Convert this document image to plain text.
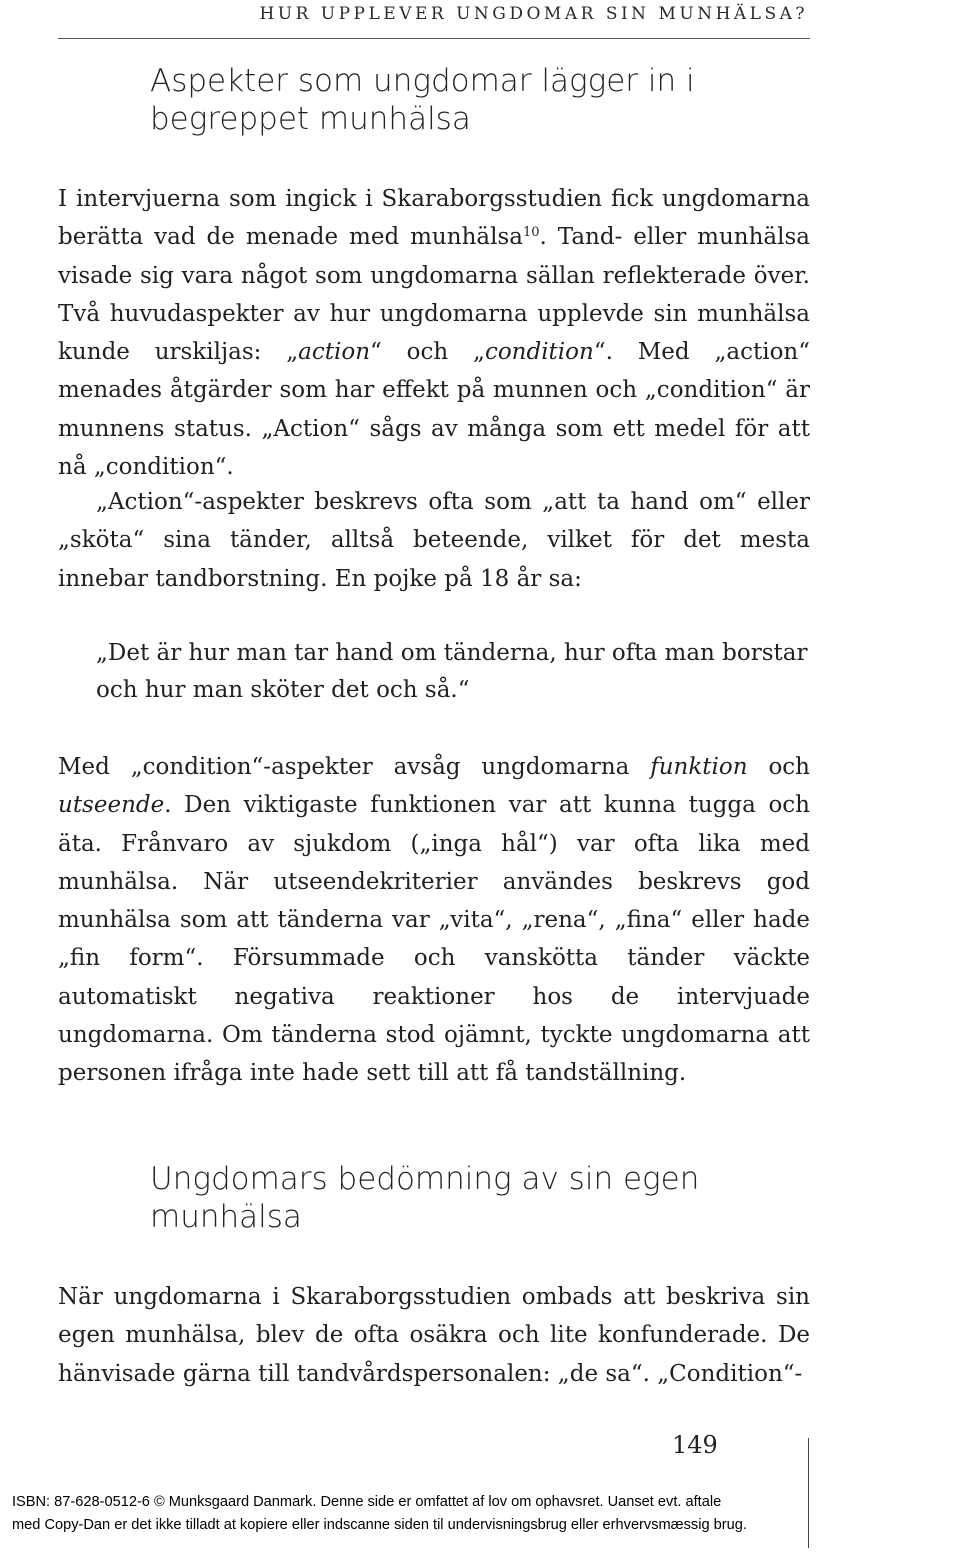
HUR UPPLEVER UNGDOMAR SIN MUNHÄLSA?
Aspekter som ungdomar lägger in i begreppet munhälsa

I intervjuerna som ingick i Skaraborgsstudien fick ungdomarna berätta vad de menade med munhälsa$^{10}$. Tand- eller munhälsa visade sig vara något som ungdomarna sällan reflekterade över. Två huvudaspekter av hur ungdomarna upplevde sin munhälsa kunde urskiljas: „action“ och „condition“. Med „action“ menades åtgärder som har effekt på munnen och „condition“ är munnens status. „Action“ sågs av många som ett medel för att nå „condition“.

„Action“-aspekter beskrevs ofta som „att ta hand om“ eller „sköta“ sina tänder, alltså beteende, vilket för det mesta innebar tandborstning. En pojke på 18 år sa:

„Det är hur man tar hand om tänderna, hur ofta man borstar och hur man sköter det och så.“

Med „condition“-aspekter avsåg ungdomarna funktion och utseende. Den viktigaste funktionen var att kunna tugga och äta. Frånvaro av sjukdom („inga hål“) var ofta lika med munhälsa. När utseendekriterier användes beskrevs god munhälsa som att tänderna var „vita“, „rena“, „fina“ eller hade „fin form“. Försummade och vansköttа tänder väckte automatiskt negativa reaktioner hos de intervjuade ungdomarna. Om tänderna stod ojämnt, tyckte ungdomarna att personen ifråga inte hade sett till att få tandställning.

Ungdomars bedömning av sin egen munhälsa

När ungdomarna i Skaraborgsstudien ombads att beskriva sin egen munhälsa, blev de ofta osäkra och lite konfunderade. De hänvisade gärna till tandvårdspersonalen: „de sa“. „Condition“-

149
ISBN: 87-628-0512-6 © Munksgaard Danmark. Denne side er omfattet af lov om ophavsret. Uanset evt. aftale
med Copy-Dan er det ikke tilladt at kopiere eller indscanne siden til undervisningsbrug eller erhvervsmæssig brug.
